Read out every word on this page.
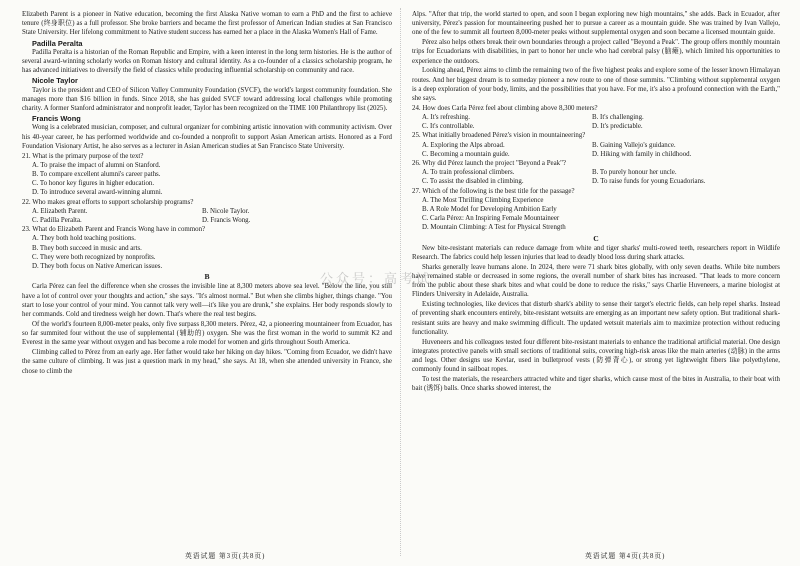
Elizabeth Parent is a pioneer in Native education, becoming the first Alaska Native woman to earn a PhD and the first to achieve tenure (终身职位) as a full professor. She broke barriers and became the first professor of American Indian studies at San Francisco State University. Her lifelong commitment to Native student success has earned her a place in the Alaska Women's Hall of Fame.

Padilla Peralta

Padilla Peralta is a historian of the Roman Republic and Empire, with a keen interest in the long term histories. He is the author of several award-winning scholarly works on Roman history and cultural identity. As a co-founder of a classics scholarship program, he has advanced initiatives to diversify the field of classics while producing influential scholarship on community and race.

Nicole Taylor

Taylor is the president and CEO of Silicon Valley Community Foundation (SVCF), the world's largest community foundation. She manages more than $16 billion in funds. Since 2018, she has guided SVCF toward addressing local challenges while promoting charity. A former Stanford administrator and nonprofit leader, Taylor has been recognized on the TIME 100 Philanthropy list (2025).

Francis Wong

Wong is a celebrated musician, composer, and cultural organizer for combining artistic innovation with community activism. Over his 40-year career, he has performed worldwide and co-founded a nonprofit to support Asian American artists. Honored as a Ford Foundation Visionary Artist, he also serves as a lecturer in Asian American studies at San Francisco State University.

21. What is the primary purpose of the text?
A. To praise the impact of alumni on Stanford.
B. To compare excellent alumni's career paths.
C. To honor key figures in higher education.
D. To introduce several award-winning alumni.
22. Who makes great efforts to support scholarship programs?
A. Elizabeth Parent.	B. Nicole Taylor.
C. Padilla Peralta.	D. Francis Wong.
23. What do Elizabeth Parent and Francis Wong have in common?
A. They both hold teaching positions.
B. They both succeed in music and arts.
C. They were both recognized by nonprofits.
D. They both focus on Native American issues.
B

Carla Pérez can feel the difference when she crosses the invisible line at 8,300 meters above sea level. "Below the line, you still have a lot of control over your thoughts and action," she says. "It's almost normal." But when she climbs higher, things change. "You start to lose your control of your mind. You cannot talk very well—it's like you are drunk," she explains. Her body responds slowly to her commands. Cold and tiredness weigh her down. That's where the real test begins.

Of the world's fourteen 8,000-meter peaks, only five surpass 8,300 meters. Pérez, 42, a pioneering mountaineer from Ecuador, has so far summited four without the use of supplemental (辅助的) oxygen. She was the first woman in the world to summit K2 and Everest in the same year without oxygen and has become a role model for women and girls throughout South America.

Climbing called to Pérez from an early age. Her father would take her hiking on day hikes. "Coming from Ecuador, we didn't have the same culture of climbing. It was just a question mark in my head," she says. At 18, when she attended university in France, she chose to climb the

Alps. "After that trip, the world started to open, and soon I began exploring new high mountains," she adds. Back in Ecuador, after university, Pérez's passion for mountaineering pushed her to pursue a career as a mountain guide. She was trained by Ivan Vallejo, one of the few to summit all fourteen 8,000-meter peaks without supplemental oxygen and soon became a licensed mountain guide.

Pérez also helps others break their own boundaries through a project called "Beyond a Peak". The group offers monthly mountain trips for Ecuadorians with disabilities, in part to honor her uncle who had cerebral palsy (脑瘫), which limited his opportunities to experience the outdoors.

Looking ahead, Pérez aims to climb the remaining two of the five highest peaks and explore some of the lesser known Himalayan routes. And her biggest dream is to someday pioneer a new route to one of those summits. "Climbing without supplemental oxygen is a deep exploration of your body, limits, and the possibilities that you have. For me, it's also a profound connection with the Earth," she says.

24. How does Carla Pérez feel about climbing above 8,300 meters?
A. It's refreshing.	B. It's challenging.
C. It's controllable.	D. It's predictable.
25. What initially broadened Pérez's vision in mountaineering?
A. Exploring the Alps abroad.	B. Gaining Vallejo's guidance.
C. Becoming a mountain guide.	D. Hiking with family in childhood.
26. Why did Pérez launch the project "Beyond a Peak"?
A. To train professional climbers.	B. To purely honour her uncle.
C. To assist the disabled in climbing.	D. To raise funds for young Ecuadorians.
27. Which of the following is the best title for the passage?
A. The Most Thrilling Climbing Experience
B. A Role Model for Developing Ambition Early
C. Carla Pérez: An Inspiring Female Mountaineer
D. Mountain Climbing: A Test for Physical Strength
C

New bite-resistant materials can reduce damage from white and tiger sharks' multi-rowed teeth, researchers report in Wildlife Research. The fabrics could help lessen injuries that lead to deadly blood loss during shark attacks.

Sharks generally leave humans alone. In 2024, there were 71 shark bites globally, with only seven deaths. While bite numbers have remained stable or decreased in some regions, the overall number of shark bites has increased. "That leads to more concern from the public about these shark bites and what could be done to reduce the risks," says Charlie Huveneers, a marine biologist at Flinders University in Adelaide, Australia.

Existing technologies, like devices that disturb shark's ability to sense their target's electric fields, can help repel sharks. Instead of preventing shark encounters entirely, bite-resistant wetsuits are emerging as an important new safety option. But traditional shark-resistant suits are heavy and make swimming difficult. The updated wetsuit materials aim to maximize protection without reducing functionality.

Huveneers and his colleagues tested four different bite-resistant materials to enhance the traditional artificial material. One design integrates protective panels with small sections of traditional suits, covering high-risk areas like the main arteries (动脉) in the arms and legs. Other designs use Kevlar, used in bulletproof vests (防弹背心), or strong yet lightweight fibers like polyethylene, commonly found in sailboat ropes.

To test the materials, the researchers attracted white and tiger sharks, which cause most of the bites in Australia, to their boat with bait (诱饵) balls. Once sharks showed interest, the

公众号：高考试
英语试题 第3页(共8页)	英语试题 第4页(共8页)
